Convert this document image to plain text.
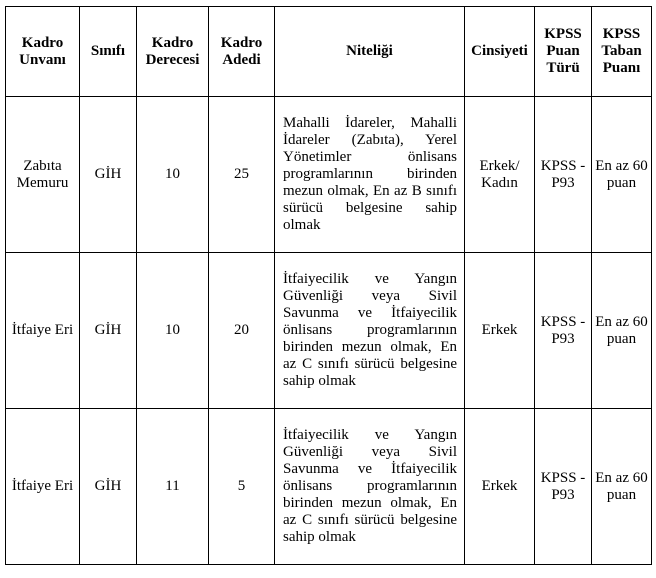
Kadro Unvanı	Sınıfı	Kadro Derecesi	Kadro Adedi	Niteliği	Cinsiyeti	KPSS Puan Türü	KPSS Taban Puanı
Zabıta Memuru	GİH	10	25	Mahalli İdareler, Mahalli İdareler (Zabıta), Yerel Yönetimler önlisans programlarının birinden mezun olmak, En az B sınıfı sürücü belgesine sahip olmak	Erkek/ Kadın	KPSS -P93	En az 60 puan
İtfaiye Eri	GİH	10	20	İtfaiyecilik ve Yangın Güvenliği veya Sivil Savunma ve İtfaiyecilik önlisans programlarının birinden mezun olmak, En az C sınıfı sürücü belgesine sahip olmak	Erkek	KPSS -P93	En az 60 puan
İtfaiye Eri	GİH	11	5	İtfaiyecilik ve Yangın Güvenliği veya Sivil Savunma ve İtfaiyecilik önlisans programlarının birinden mezun olmak, En az C sınıfı sürücü belgesine sahip olmak	Erkek	KPSS -P93	En az 60 puan
